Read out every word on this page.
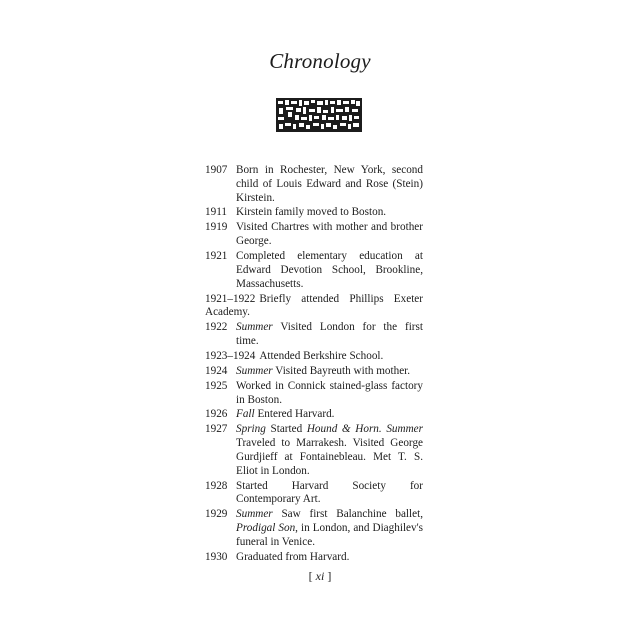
Chronology
1907 Born in Rochester, New York, second child of Louis Edward and Rose (Stein) Kirstein.
1911 Kirstein family moved to Boston.
1919 Visited Chartres with mother and brother George.
1921 Completed elementary education at Edward Devotion School, Brookline, Massachusetts.
1921–1922 Briefly attended Phillips Exeter Academy.
1922 Summer Visited London for the first time.
1923–1924 Attended Berkshire School.
1924 Summer Visited Bayreuth with mother.
1925 Worked in Connick stained-glass factory in Boston.
1926 Fall Entered Harvard.
1927 Spring Started Hound & Horn. Summer Traveled to Marrakesh. Visited George Gurdjieff at Fontainebleau. Met T. S. Eliot in London.
1928 Started Harvard Society for Contemporary Art.
1929 Summer Saw first Balanchine ballet, Prodigal Son, in London, and Diaghilev's funeral in Venice.
1930 Graduated from Harvard.
[ xi ]
